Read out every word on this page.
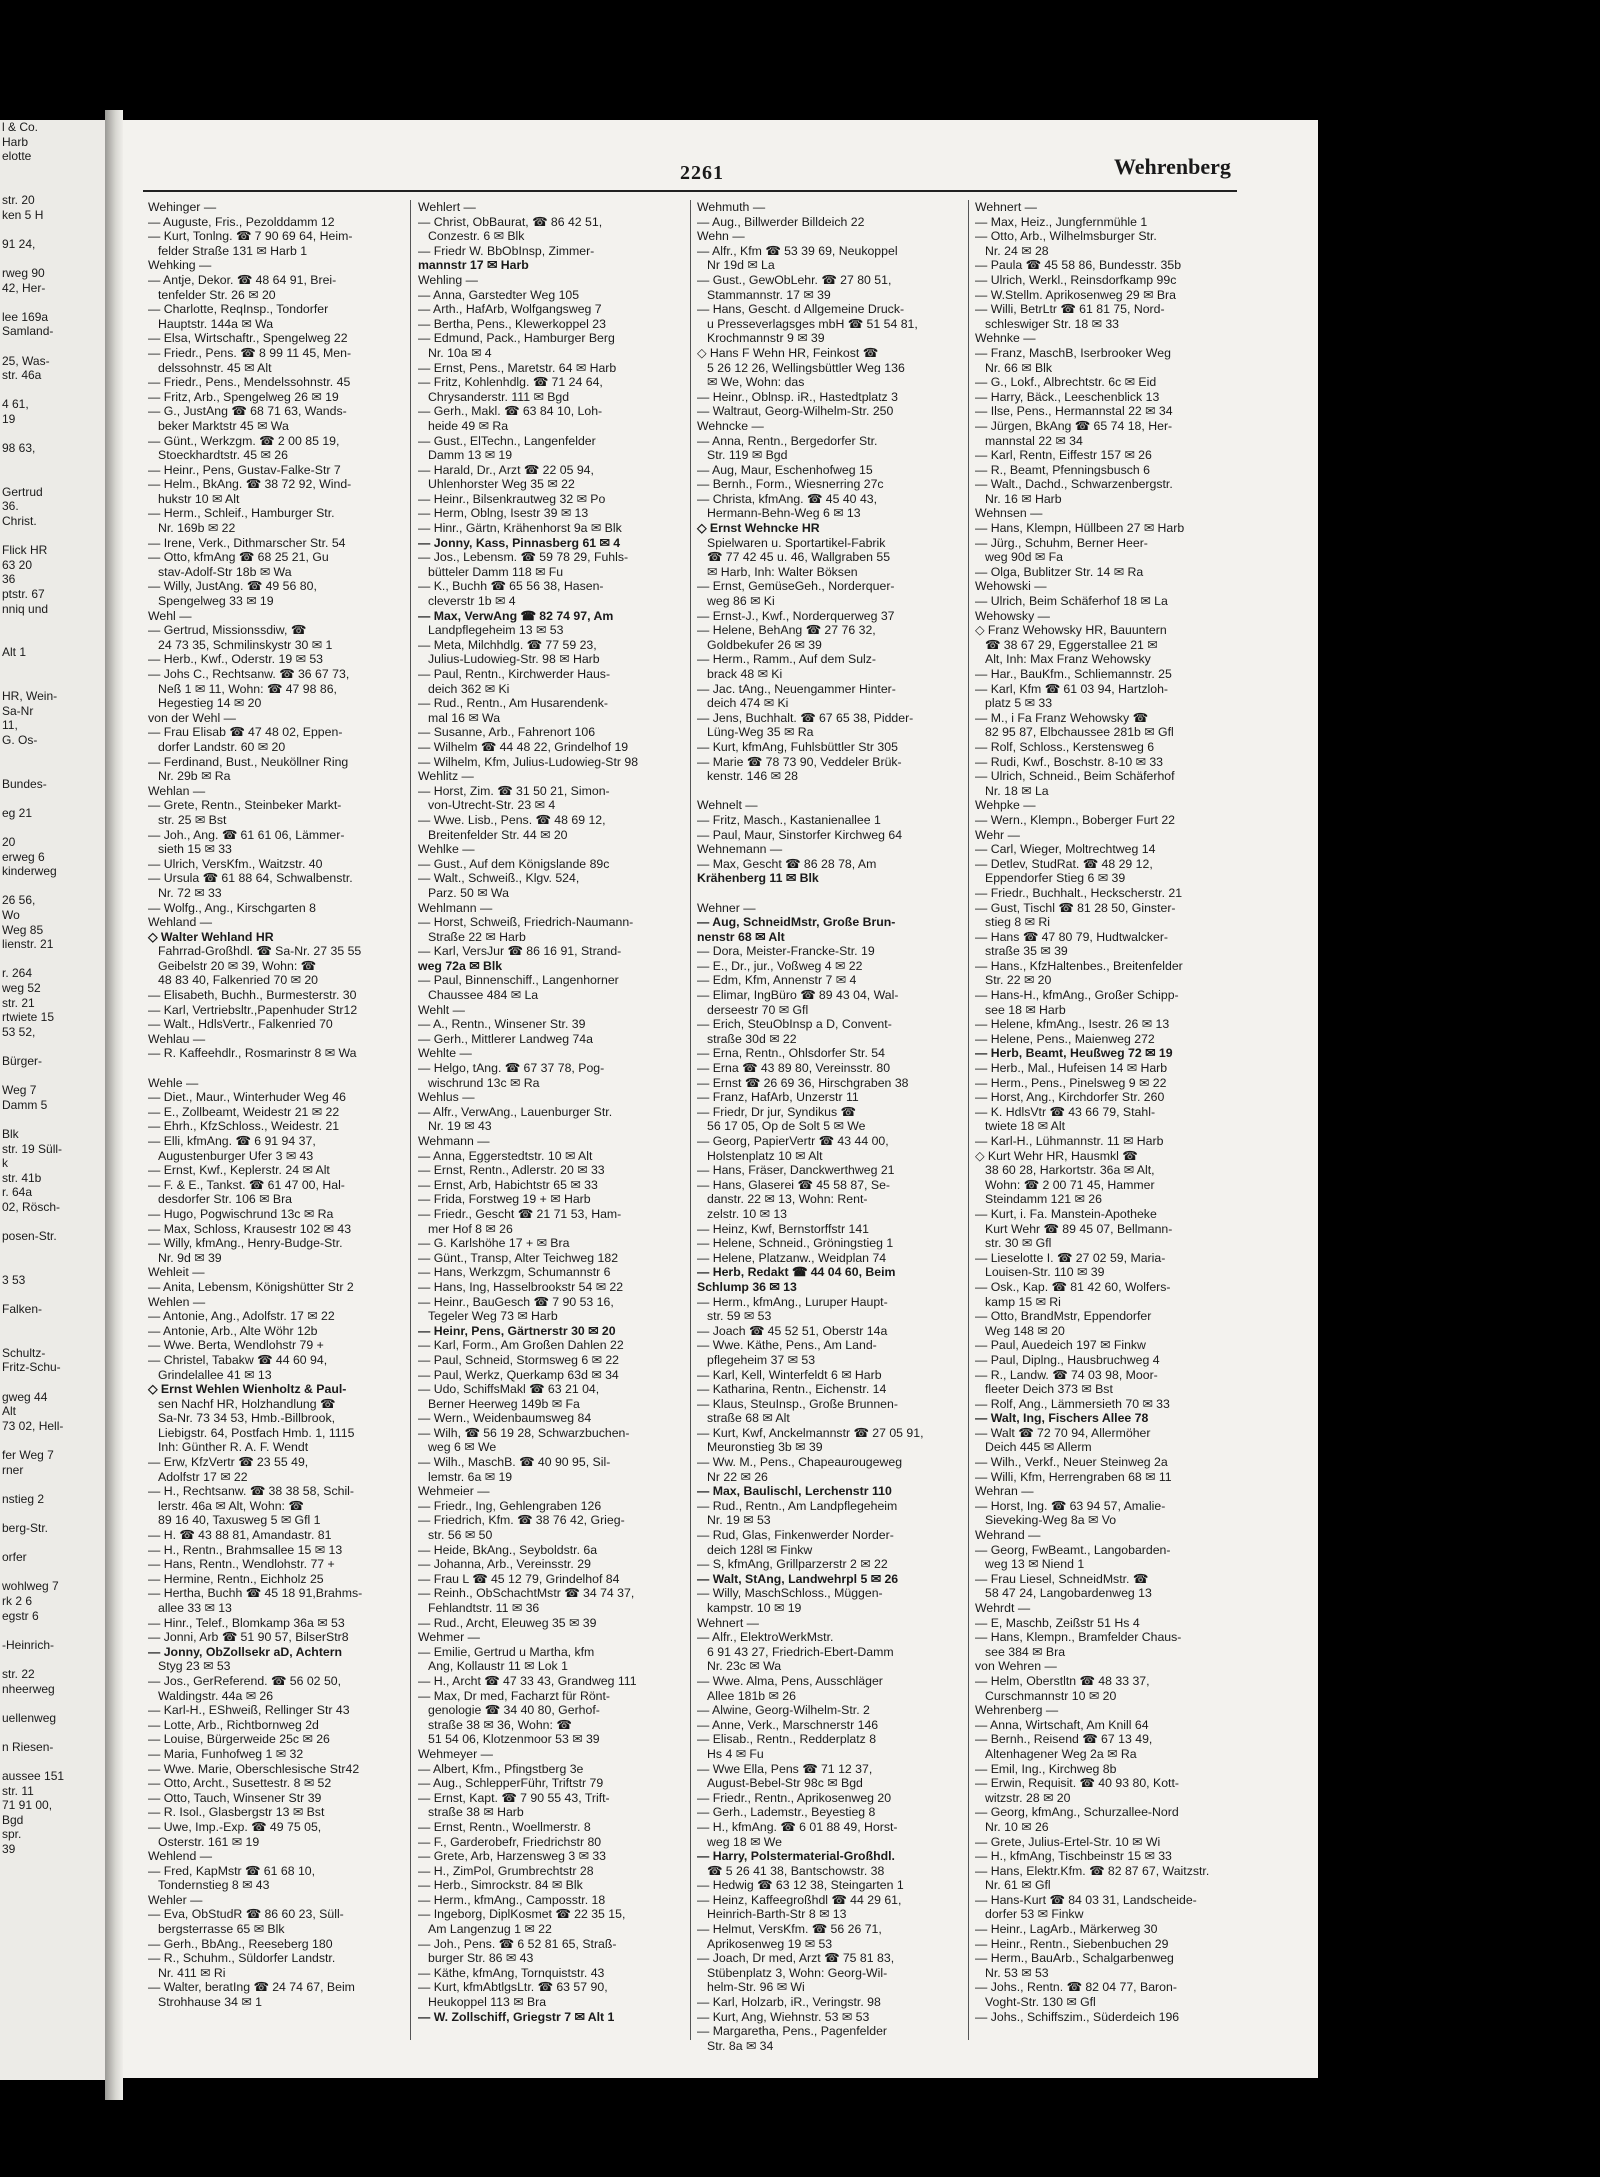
l & Co.
Harb
elotte

str. 20
ken 5 H

91 24,

rweg 90
42, Her-

lee 169a
Samland-

25, Was-
str. 46a

4 61,
19

98 63,

Gertrud
36.
Christ.

Flick HR
63 20
36
ptstr. 67
nniq und

Alt 1

HR, Wein-
Sa-Nr
11,
G. Os-

Bundes-

eg 21

20
erweg 6
kinderweg

26 56,
Wo
Weg 85
lienstr. 21

r. 264
weg 52
str. 21
rtwiete 15
53 52,

Bürger-

Weg 7
Damm 5

Blk
str. 19 Süll-
k
str. 41b
r. 64a
02, Rösch-

posen-Str.

3 53

Falken-

Schultz-
Fritz-Schu-

gweg 44
Alt
73 02, Hell-

fer Weg 7
rner

nstieg 2

berg-Str.

orfer

wohlweg 7
rk 2 6
egstr 6

-Heinrich-

str. 22
nheerweg

uellenweg

n Riesen-

aussee 151
str. 11
71 91 00,
Bgd
spr.
39
2261	Wehrenberg
Wehinger —
— Auguste, Fris., Pezolddamm 12
— Kurt, Tonlng. ☎ 7 90 69 64, Heim-
felder Straße 131 ✉ Harb 1
Wehking —
— Antje, Dekor. ☎ 48 64 91, Brei-
tenfelder Str. 26 ✉ 20
— Charlotte, ReqInsp., Tondorfer
Hauptstr. 144a ✉ Wa
— Elsa, Wirtschaftr., Spengelweg 22
— Friedr., Pens. ☎ 8 99 11 45, Men-
delssohnstr. 45 ✉ Alt
— Friedr., Pens., Mendelssohnstr. 45
— Fritz, Arb., Spengelweg 26 ✉ 19
— G., JustAng ☎ 68 71 63, Wands-
beker Marktstr 45 ✉ Wa
— Günt., Werkzgm. ☎ 2 00 85 19,
Stoeckhardtstr. 45 ✉ 26
— Heinr., Pens, Gustav-Falke-Str 7
— Helm., BkAng. ☎ 38 72 92, Wind-
hukstr 10 ✉ Alt
— Herm., Schleif., Hamburger Str.
Nr. 169b ✉ 22
— Irene, Verk., Dithmarscher Str. 54
— Otto, kfmAng ☎ 68 25 21, Gu
stav-Adolf-Str 18b ✉ Wa
— Willy, JustAng. ☎ 49 56 80,
Spengelweg 33 ✉ 19
Wehl —
— Gertrud, Missionssdiw, ☎
24 73 35, Schmilinskystr 30 ✉ 1
— Herb., Kwf., Oderstr. 19 ✉ 53
— Johs C., Rechtsanw. ☎ 36 67 73,
Neß 1 ✉ 11, Wohn: ☎ 47 98 86,
Hegestieg 14 ✉ 20
von der Wehl —
— Frau Elisab ☎ 47 48 02, Eppen-
dorfer Landstr. 60 ✉ 20
— Ferdinand, Bust., Neuköllner Ring
Nr. 29b ✉ Ra
Wehlan —
— Grete, Rentn., Steinbeker Markt-
str. 25 ✉ Bst
— Joh., Ang. ☎ 61 61 06, Lämmer-
sieth 15 ✉ 33
— Ulrich, VersKfm., Waitzstr. 40
— Ursula ☎ 61 88 64, Schwalbenstr.
Nr. 72 ✉ 33
— Wolfg., Ang., Kirschgarten 8
Wehland —
◇ Walter Wehland HR
Fahrrad-Großhdl. ☎ Sa-Nr. 27 35 55
Geibelstr 20 ✉ 39, Wohn: ☎
48 83 40, Falkenried 70 ✉ 20
— Elisabeth, Buchh., Burmesterstr. 30
— Karl, Vertriebsltr.,Papenhuder Str12
— Walt., HdlsVertr., Falkenried 70
Wehlau —
— R. Kaffeehdlr., Rosmarinstr 8 ✉ Wa

Wehle —
— Diet., Maur., Winterhuder Weg 46
— E., Zollbeamt, Weidestr 21 ✉ 22
— Ehrh., KfzSchloss., Weidestr. 21
— Elli, kfmAng. ☎ 6 91 94 37,
Augustenburger Ufer 3 ✉ 43
— Ernst, Kwf., Keplerstr. 24 ✉ Alt
— F. & E., Tankst. ☎ 61 47 00, Hal-
desdorfer Str. 106 ✉ Bra
— Hugo, Pogwischrund 13c ✉ Ra
— Max, Schloss, Krausestr 102 ✉ 43
— Willy, kfmAng., Henry-Budge-Str.
Nr. 9d ✉ 39
Wehleit —
— Anita, Lebensm, Königshütter Str 2
Wehlen —
— Antonie, Ang., Adolfstr. 17 ✉ 22
— Antonie, Arb., Alte Wöhr 12b
— Wwe. Berta, Wendlohstr 79 +
— Christel, Tabakw ☎ 44 60 94,
Grindelallee 41 ✉ 13
◇ Ernst Wehlen Wienholtz & Paul-
sen Nachf HR, Holzhandlung ☎
Sa-Nr. 73 34 53, Hmb.-Billbrook,
Liebigstr. 64, Postfach Hmb. 1, 1115
Inh: Günther R. A. F. Wendt
— Erw, KfzVertr ☎ 23 55 49,
Adolfstr 17 ✉ 22
— H., Rechtsanw. ☎ 38 38 58, Schil-
lerstr. 46a ✉ Alt, Wohn: ☎
89 16 40, Taxusweg 5 ✉ Gfl 1
— H. ☎ 43 88 81, Amandastr. 81
— H., Rentn., Brahmsallee 15 ✉ 13
— Hans, Rentn., Wendlohstr. 77 +
— Hermine, Rentn., Eichholz 25
— Hertha, Buchh ☎ 45 18 91,Brahms-
allee 33 ✉ 13
— Hinr., Telef., Blomkamp 36a ✉ 53
— Jonni, Arb ☎ 51 90 57, BilserStr8
— Jonny, ObZollsekr aD, Achtern
Styg 23 ✉ 53
— Jos., GerReferend. ☎ 56 02 50,
Waldingstr. 44a ✉ 26
— Karl-H., EShweiß, Rellinger Str 43
— Lotte, Arb., Richtbornweg 2d
— Louise, Bürgerweide 25c ✉ 26
— Maria, Funhofweg 1 ✉ 32
— Wwe. Marie, Oberschlesische Str42
— Otto, Archt., Susettestr. 8 ✉ 52
— Otto, Tauch, Winsener Str 39
— R. Isol., Glasbergstr 13 ✉ Bst
— Uwe, Imp.-Exp. ☎ 49 75 05,
Osterstr. 161 ✉ 19
Wehlend —
— Fred, KapMstr ☎ 61 68 10,
Tondernstieg 8 ✉ 43
Wehler —
— Eva, ObStudR ☎ 86 60 23, Süll-
bergsterrasse 65 ✉ Blk
— Gerh., BbAng., Reeseberg 180
— R., Schuhm., Süldorfer Landstr.
Nr. 411 ✉ Ri
— Walter, beratIng ☎ 24 74 67, Beim
Strohhause 34 ✉ 1
Wehlert —
— Christ, ObBaurat, ☎ 86 42 51,
Conzestr. 6 ✉ Blk
— Friedr W. BbObInsp, Zimmer-
mannstr 17 ✉ Harb
Wehling —
— Anna, Garstedter Weg 105
— Arth., HafArb, Wolfgangsweg 7
— Bertha, Pens., Klewerkoppel 23
— Edmund, Pack., Hamburger Berg
Nr. 10a ✉ 4
— Ernst, Pens., Maretstr. 64 ✉ Harb
— Fritz, Kohlenhdlg. ☎ 71 24 64,
Chrysanderstr. 111 ✉ Bgd
— Gerh., Makl. ☎ 63 84 10, Loh-
heide 49 ✉ Ra
— Gust., ElTechn., Langenfelder
Damm 13 ✉ 19
— Harald, Dr., Arzt ☎ 22 05 94,
Uhlenhorster Weg 35 ✉ 22
— Heinr., Bilsenkrautweg 32 ✉ Po
— Herm, Oblng, Isestr 39 ✉ 13
— Hinr., Gärtn, Krähenhorst 9a ✉ Blk
— Jonny, Kass, Pinnasberg 61 ✉ 4
— Jos., Lebensm. ☎ 59 78 29, Fuhls-
bütteler Damm 118 ✉ Fu
— K., Buchh ☎ 65 56 38, Hasen-
cleverstr 1b ✉ 4
— Max, VerwAng ☎ 82 74 97, Am
Landpflegeheim 13 ✉ 53
— Meta, Milchhdlg. ☎ 77 59 23,
Julius-Ludowieg-Str. 98 ✉ Harb
— Paul, Rentn., Kirchwerder Haus-
deich 362 ✉ Ki
— Rud., Rentn., Am Husarendenk-
mal 16 ✉ Wa
— Susanne, Arb., Fahrenort 106
— Wilhelm ☎ 44 48 22, Grindelhof 19
— Wilhelm, Kfm, Julius-Ludowieg-Str 98
Wehlitz —
— Horst, Zim. ☎ 31 50 21, Simon-
von-Utrecht-Str. 23 ✉ 4
— Wwe. Lisb., Pens. ☎ 48 69 12,
Breitenfelder Str. 44 ✉ 20
Wehlke —
— Gust., Auf dem Königslande 89c
— Walt., Schweiß., Klgv. 524,
Parz. 50 ✉ Wa
Wehlmann —
— Horst, Schweiß, Friedrich-Naumann-
Straße 22 ✉ Harb
— Karl, VersJur ☎ 86 16 91, Strand-
weg 72a ✉ Blk
— Paul, Binnenschiff., Langenhorner
Chaussee 484 ✉ La
Wehlt —
— A., Rentn., Winsener Str. 39
— Gerh., Mittlerer Landweg 74a
Wehlte —
— Helgo, tAng. ☎ 67 37 78, Pog-
wischrund 13c ✉ Ra
Wehlus —
— Alfr., VerwAng., Lauenburger Str.
Nr. 19 ✉ 43
Wehmann —
— Anna, Eggerstedtstr. 10 ✉ Alt
— Ernst, Rentn., Adlerstr. 20 ✉ 33
— Ernst, Arb, Habichtstr 65 ✉ 33
— Frida, Forstweg 19 + ✉ Harb
— Friedr., Gescht ☎ 21 71 53, Ham-
mer Hof 8 ✉ 26
— G. Karlshöhe 17 + ✉ Bra
— Günt., Transp, Alter Teichweg 182
— Hans, Werkzgm, Schumannstr 6
— Hans, Ing, Hasselbrookstr 54 ✉ 22
— Heinr., BauGesch ☎ 7 90 53 16,
Tegeler Weg 73 ✉ Harb
— Heinr, Pens, Gärtnerstr 30 ✉ 20
— Karl, Form., Am Großen Dahlen 22
— Paul, Schneid, Stormsweg 6 ✉ 22
— Paul, Werkz, Querkamp 63d ✉ 34
— Udo, SchiffsMakl ☎ 63 21 04,
Berner Heerweg 149b ✉ Fa
— Wern., Weidenbaumsweg 84
— Wilh, ☎ 56 19 28, Schwarzbuchen-
weg 6 ✉ We
— Wilh., MaschB. ☎ 40 90 95, Sil-
lemstr. 6a ✉ 19
Wehmeier —
— Friedr., Ing, Gehlengraben 126
— Friedrich, Kfm. ☎ 38 76 42, Grieg-
str. 56 ✉ 50
— Heide, BkAng., Seyboldstr. 6a
— Johanna, Arb., Vereinsstr. 29
— Frau L ☎ 45 12 79, Grindelhof 84
— Reinh., ObSchachtMstr ☎ 34 74 37,
Fehlandtstr. 11 ✉ 36
— Rud., Archt, Eleuweg 35 ✉ 39
Wehmer —
— Emilie, Gertrud u Martha, kfm
Ang, Kollaustr 11 ✉ Lok 1
— H., Archt ☎ 47 33 43, Grandweg 111
— Max, Dr med, Facharzt für Rönt-
genologie ☎ 34 40 80, Gerhof-
straße 38 ✉ 36, Wohn: ☎
51 54 06, Klotzenmoor 53 ✉ 39
Wehmeyer —
— Albert, Kfm., Pfingstberg 3e
— Aug., SchlepperFühr, Triftstr 79
— Ernst, Kapt. ☎ 7 90 55 43, Trift-
straße 38 ✉ Harb
— Ernst, Rentn., Woellmerstr. 8
— F., Garderobefr, Friedrichstr 80
— Grete, Arb, Harzensweg 3 ✉ 33
— H., ZimPol, Grumbrechtstr 28
— Herb., Simrockstr. 84 ✉ Blk
— Herm., kfmAng., Camposstr. 18
— Ingeborg, DiplKosmet ☎ 22 35 15,
Am Langenzug 1 ✉ 22
— Joh., Pens. ☎ 6 52 81 65, Straß-
burger Str. 86 ✉ 43
— Käthe, kfmAng, Tornquiststr. 43
— Kurt, kfmAbtlgsLtr. ☎ 63 57 90,
Heukoppel 113 ✉ Bra
— W. Zollschiff, Griegstr 7 ✉ Alt 1
Wehmuth —
— Aug., Billwerder Billdeich 22
Wehn —
— Alfr., Kfm ☎ 53 39 69, Neukoppel
Nr 19d ✉ La
— Gust., GewObLehr. ☎ 27 80 51,
Stammannstr. 17 ✉ 39
— Hans, Gescht. d Allgemeine Druck-
u Presseverlagsges mbH ☎ 51 54 81,
Krochmannstr 9 ✉ 39
◇ Hans F Wehn HR, Feinkost ☎
5 26 12 26, Wellingsbüttler Weg 136
✉ We, Wohn: das
— Heinr., Oblnsp. iR., Hastedtplatz 3
— Waltraut, Georg-Wilhelm-Str. 250
Wehncke —
— Anna, Rentn., Bergedorfer Str.
Str. 119 ✉ Bgd
— Aug, Maur, Eschenhofweg 15
— Bernh., Form., Wiesnerring 27c
— Christa, kfmAng. ☎ 45 40 43,
Hermann-Behn-Weg 6 ✉ 13
◇ Ernst Wehncke HR
Spielwaren u. Sportartikel-Fabrik
☎ 77 42 45 u. 46, Wallgraben 55
✉ Harb, Inh: Walter Böksen
— Ernst, GemüseGeh., Norderquer-
weg 86 ✉ Ki
— Ernst-J., Kwf., Norderquerweg 37
— Helene, BehAng ☎ 27 76 32,
Goldbekufer 26 ✉ 39
— Herm., Ramm., Auf dem Sulz-
brack 48 ✉ Ki
— Jac. tAng., Neuengammer Hinter-
deich 474 ✉ Ki
— Jens, Buchhalt. ☎ 67 65 38, Pidder-
Lüng-Weg 35 ✉ Ra
— Kurt, kfmAng, Fuhlsbüttler Str 305
— Marie ☎ 78 73 90, Veddeler Brük-
kenstr. 146 ✉ 28

Wehnelt —
— Fritz, Masch., Kastanienallee 1
— Paul, Maur, Sinstorfer Kirchweg 64
Wehnemann —
— Max, Gescht ☎ 86 28 78, Am
Krähenberg 11 ✉ Blk

Wehner —
— Aug, SchneidMstr, Große Brun-
nenstr 68 ✉ Alt
— Dora, Meister-Francke-Str. 19
— E., Dr., jur., Voßweg 4 ✉ 22
— Edm, Kfm, Annenstr 7 ✉ 4
— Elimar, IngBüro ☎ 89 43 04, Wal-
derseestr 70 ✉ Gfl
— Erich, SteuObInsp a D, Convent-
straße 30d ✉ 22
— Erna, Rentn., Ohlsdorfer Str. 54
— Erna ☎ 43 89 80, Vereinsstr. 80
— Ernst ☎ 26 69 36, Hirschgraben 38
— Franz, HafArb, Unzerstr 11
— Friedr, Dr jur, Syndikus ☎
56 17 05, Op de Solt 5 ✉ We
— Georg, PapierVertr ☎ 43 44 00,
Holstenplatz 10 ✉ Alt
— Hans, Fräser, Danckwerthweg 21
— Hans, Glaserei ☎ 45 58 87, Se-
danstr. 22 ✉ 13, Wohn: Rent-
zelstr. 10 ✉ 13
— Heinz, Kwf, Bernstorffstr 141
— Helene, Schneid., Gröningstieg 1
— Helene, Platzanw., Weidplan 74
— Herb, Redakt ☎ 44 04 60, Beim
Schlump 36 ✉ 13
— Herm., kfmAng., Luruper Haupt-
str. 59 ✉ 53
— Joach ☎ 45 52 51, Oberstr 14a
— Wwe. Käthe, Pens., Am Land-
pflegeheim 37 ✉ 53
— Karl, Kell, Winterfeldt 6 ✉ Harb
— Katharina, Rentn., Eichenstr. 14
— Klaus, SteuInsp., Große Brunnen-
straße 68 ✉ Alt
— Kurt, Kwf, Anckelmannstr ☎ 27 05 91,
Meuronstieg 3b ✉ 39
— Ww. M., Pens., Chapeaurougeweg
Nr 22 ✉ 26
— Max, Baulischl, Lerchenstr 110
— Rud., Rentn., Am Landpflegeheim
Nr. 19 ✉ 53
— Rud, Glas, Finkenwerder Norder-
deich 128l ✉ Finkw
— S, kfmAng, Grillparzerstr 2 ✉ 22
— Walt, StAng, Landwehrpl 5 ✉ 26
— Willy, MaschSchloss., Müggen-
kampstr. 10 ✉ 19
Wehnert —
— Alfr., ElektroWerkMstr.
6 91 43 27, Friedrich-Ebert-Damm
Nr. 23c ✉ Wa
— Wwe. Alma, Pens, Ausschläger
Allee 181b ✉ 26
— Alwine, Georg-Wilhelm-Str. 2
— Anne, Verk., Marschnerstr 146
— Elisab., Rentn., Redderplatz 8
Hs 4 ✉ Fu
— Wwe Ella, Pens ☎ 71 12 37,
August-Bebel-Str 98c ✉ Bgd
— Friedr., Rentn., Aprikosenweg 20
— Gerh., Lademstr., Beyestieg 8
— H., kfmAng. ☎ 6 01 88 49, Horst-
weg 18 ✉ We
— Harry, Polstermaterial-Großhdl.
☎ 5 26 41 38, Bantschowstr. 38
— Hedwig ☎ 63 12 38, Steingarten 1
— Heinz, Kaffeegroßhdl ☎ 44 29 61,
Heinrich-Barth-Str 8 ✉ 13
— Helmut, VersKfm. ☎ 56 26 71,
Aprikosenweg 19 ✉ 53
— Joach, Dr med, Arzt ☎ 75 81 83,
Stübenplatz 3, Wohn: Georg-Wil-
helm-Str. 96 ✉ Wi
— Karl, Holzarb, iR., Veringstr. 98
— Kurt, Ang, Wiehnstr. 53 ✉ 53
— Margaretha, Pens., Pagenfelder
Str. 8a ✉ 34
Wehnert —
— Max, Heiz., Jungfernmühle 1
— Otto, Arb., Wilhelmsburger Str.
Nr. 24 ✉ 28
— Paula ☎ 45 58 86, Bundesstr. 35b
— Ulrich, Werkl., Reinsdorfkamp 99c
— W.Stellm. Aprikosenweg 29 ✉ Bra
— Willi, BetrLtr ☎ 61 81 75, Nord-
schleswiger Str. 18 ✉ 33
Wehnke —
— Franz, MaschB, Iserbrooker Weg
Nr. 66 ✉ Blk
— G., Lokf., Albrechtstr. 6c ✉ Eid
— Harry, Bäck., Leeschenblick 13
— Ilse, Pens., Hermannstal 22 ✉ 34
— Jürgen, BkAng ☎ 65 74 18, Her-
mannstal 22 ✉ 34
— Karl, Rentn, Eiffestr 157 ✉ 26
— R., Beamt, Pfenningsbusch 6
— Walt., Dachd., Schwarzenbergstr.
Nr. 16 ✉ Harb
Wehnsen —
— Hans, Klempn, Hüllbeen 27 ✉ Harb
— Jürg., Schuhm, Berner Heer-
weg 90d ✉ Fa
— Olga, Bublitzer Str. 14 ✉ Ra
Wehowski —
— Ulrich, Beim Schäferhof 18 ✉ La
Wehowsky —
◇ Franz Wehowsky HR, Bauuntern
☎ 38 67 29, Eggerstallee 21 ✉
Alt, Inh: Max Franz Wehowsky
— Har., BauKfm., Schliemannstr. 25
— Karl, Kfm ☎ 61 03 94, Hartzloh-
platz 5 ✉ 33
— M., i Fa Franz Wehowsky ☎
82 95 87, Elbchaussee 281b ✉ Gfl
— Rolf, Schloss., Kerstensweg 6
— Rudi, Kwf., Boschstr. 8-10 ✉ 33
— Ulrich, Schneid., Beim Schäferhof
Nr. 18 ✉ La
Wehpke —
— Wern., Klempn., Boberger Furt 22
Wehr —
— Carl, Wieger, Moltrechtweg 14
— Detlev, StudRat. ☎ 48 29 12,
Eppendorfer Stieg 6 ✉ 39
— Friedr., Buchhalt., Heckscherstr. 21
— Gust, Tischl ☎ 81 28 50, Ginster-
stieg 8 ✉ Ri
— Hans ☎ 47 80 79, Hudtwalcker-
straße 35 ✉ 39
— Hans., KfzHaltenbes., Breitenfelder
Str. 22 ✉ 20
— Hans-H., kfmAng., Großer Schipp-
see 18 ✉ Harb
— Helene, kfmAng., Isestr. 26 ✉ 13
— Helene, Pens., Maienweg 272
— Herb, Beamt, Heußweg 72 ✉ 19
— Herb., Mal., Hufeisen 14 ✉ Harb
— Herm., Pens., Pinelsweg 9 ✉ 22
— Horst, Ang., Kirchdorfer Str. 260
— K. HdlsVtr ☎ 43 66 79, Stahl-
twiete 18 ✉ Alt
— Karl-H., Lühmannstr. 11 ✉ Harb
◇ Kurt Wehr HR, Hausmkl ☎
38 60 28, Harkortstr. 36a ✉ Alt,
Wohn: ☎ 2 00 71 45, Hammer
Steindamm 121 ✉ 26
— Kurt, i. Fa. Manstein-Apotheke
Kurt Wehr ☎ 89 45 07, Bellmann-
str. 30 ✉ Gfl
— Lieselotte I. ☎ 27 02 59, Maria-
Louisen-Str. 110 ✉ 39
— Osk., Kap. ☎ 81 42 60, Wolfers-
kamp 15 ✉ Ri
— Otto, BrandMstr, Eppendorfer
Weg 148 ✉ 20
— Paul, Auedeich 197 ✉ Finkw
— Paul, Diplng., Hausbruchweg 4
— R., Landw. ☎ 74 03 98, Moor-
fleeter Deich 373 ✉ Bst
— Rolf, Ang., Lämmersieth 70 ✉ 33
— Walt, Ing, Fischers Allee 78
— Walt ☎ 72 70 94, Allermöher
Deich 445 ✉ Allerm
— Wilh., Verkf., Neuer Steinweg 2a
— Willi, Kfm, Herrengraben 68 ✉ 11
Wehran —
— Horst, Ing. ☎ 63 94 57, Amalie-
Sieveking-Weg 8a ✉ Vo
Wehrand —
— Georg, FwBeamt., Langobarden-
weg 13 ✉ Niend 1
— Frau Liesel, SchneidMstr. ☎
58 47 24, Langobardenweg 13
Wehrdt —
— E, Maschb, Zeißstr 51 Hs 4
— Hans, Klempn., Bramfelder Chaus-
see 384 ✉ Bra
von Wehren —
— Helm, Oberstltn ☎ 48 33 37,
Curschmannstr 10 ✉ 20
Wehrenberg —
— Anna, Wirtschaft, Am Knill 64
— Bernh., Reisend ☎ 67 13 49,
Altenhagener Weg 2a ✉ Ra
— Emil, Ing., Kirchweg 8b
— Erwin, Requisit. ☎ 40 93 80, Kott-
witzstr. 28 ✉ 20
— Georg, kfmAng., Schurzallee-Nord
Nr. 10 ✉ 26
— Grete, Julius-Ertel-Str. 10 ✉ Wi
— H., kfmAng, Tischbeinstr 15 ✉ 33
— Hans, Elektr.Kfm. ☎ 82 87 67, Waitzstr.
Nr. 61 ✉ Gfl
— Hans-Kurt ☎ 84 03 31, Landscheide-
dorfer 53 ✉ Finkw
— Heinr., LagArb., Märkerweg 30
— Heinr., Rentn., Siebenbuchen 29
— Herm., BauArb., Schalgarbenweg
Nr. 53 ✉ 53
— Johs., Rentn. ☎ 82 04 77, Baron-
Voght-Str. 130 ✉ Gfl
— Johs., Schiffszim., Süderdeich 196
